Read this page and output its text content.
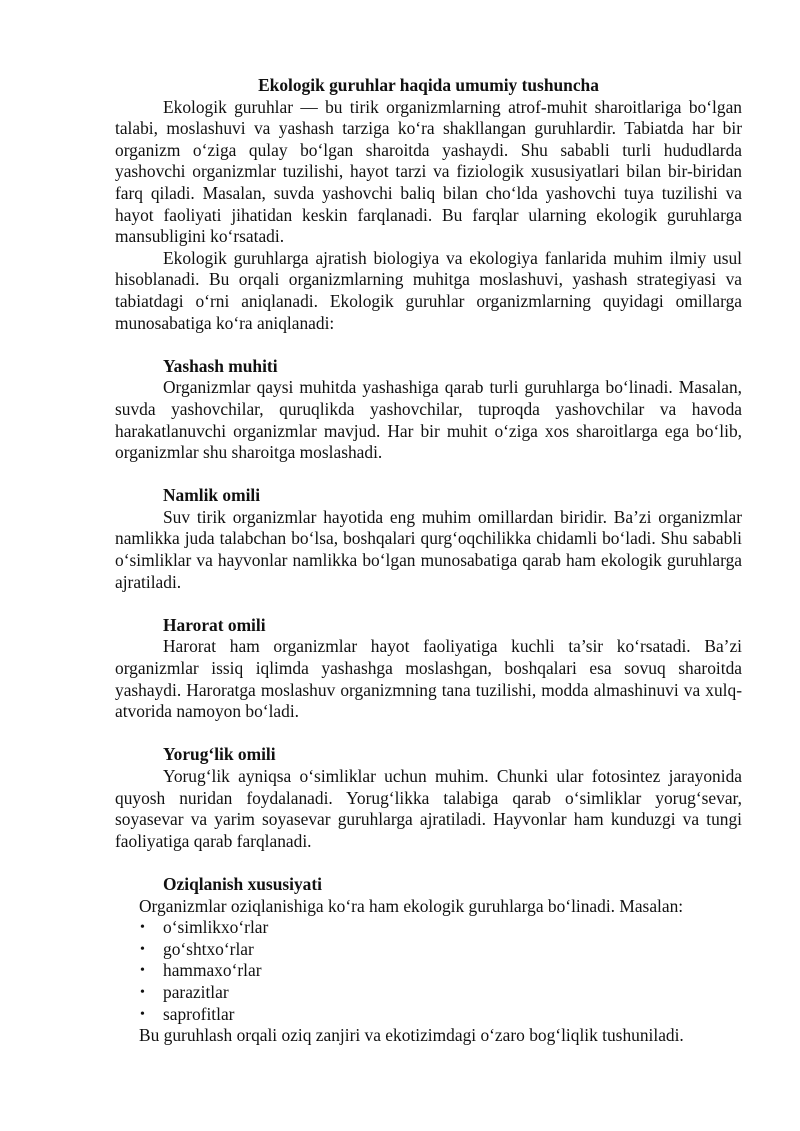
Ekologik guruhlar haqida umumiy tushuncha

Ekologik guruhlar — bu tirik organizmlarning atrof-muhit sharoitlariga bo‘lgan talabi, moslashuvi va yashash tarziga ko‘ra shakllangan guruhlardir. Tabiatda har bir organizm o‘ziga qulay bo‘lgan sharoitda yashaydi. Shu sababli turli hududlarda yashovchi organizmlar tuzilishi, hayot tarzi va fiziologik xususiyatlari bilan bir-biridan farq qiladi. Masalan, suvda yashovchi baliq bilan cho‘lda yashovchi tuya tuzilishi va hayot faoliyati jihatidan keskin farqlanadi. Bu farqlar ularning ekologik guruhlarga mansubligini ko‘rsatadi.

Ekologik guruhlarga ajratish biologiya va ekologiya fanlarida muhim ilmiy usul hisoblanadi. Bu orqali organizmlarning muhitga moslashuvi, yashash strategiyasi va tabiatdagi o‘rni aniqlanadi. Ekologik guruhlar organizmlarning quyidagi omillarga munosabatiga ko‘ra aniqlanadi:

Yashash muhiti

Organizmlar qaysi muhitda yashashiga qarab turli guruhlarga bo‘linadi. Masalan, suvda yashovchilar, quruqlikda yashovchilar, tuproqda yashovchilar va havoda harakatlanuvchi organizmlar mavjud. Har bir muhit o‘ziga xos sharoitlarga ega bo‘lib, organizmlar shu sharoitga moslashadi.

Namlik omili

Suv tirik organizmlar hayotida eng muhim omillardan biridir. Ba’zi organizmlar namlikka juda talabchan bo‘lsa, boshqalari qurg‘oqchilikka chidamli bo‘ladi. Shu sababli o‘simliklar va hayvonlar namlikka bo‘lgan munosabatiga qarab ham ekologik guruhlarga ajratiladi.

Harorat omili

Harorat ham organizmlar hayot faoliyatiga kuchli ta’sir ko‘rsatadi. Ba’zi organizmlar issiq iqlimda yashashga moslashgan, boshqalari esa sovuq sharoitda yashaydi. Haroratga moslashuv organizmning tana tuzilishi, modda almashinuvi va xulq-atvorida namoyon bo‘ladi.

Yorug‘lik omili

Yorug‘lik ayniqsa o‘simliklar uchun muhim. Chunki ular fotosintez jarayonida quyosh nuridan foydalanadi. Yorug‘likka talabiga qarab o‘simliklar yorug‘sevar, soyasevar va yarim soyasevar guruhlarga ajratiladi. Hayvonlar ham kunduzgi va tungi faoliyatiga qarab farqlanadi.

Oziqlanish xususiyati

Organizmlar oziqlanishiga ko‘ra ham ekologik guruhlarga bo‘linadi. Masalan:

• o‘simlikxo‘rlar
• go‘shtxo‘rlar
• hammaxo‘rlar
• parazitlar
• saprofitlar

Bu guruhlash orqali oziq zanjiri va ekotizimdagi o‘zaro bog‘liqlik tushuniladi.
